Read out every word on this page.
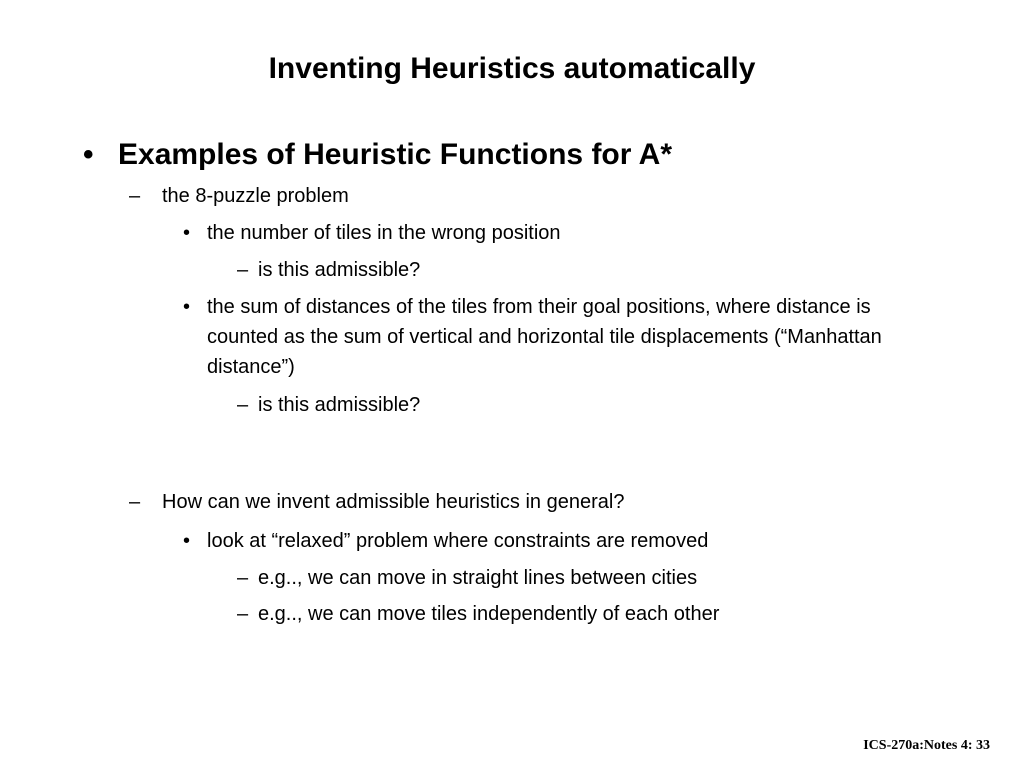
Inventing Heuristics automatically
• Examples of Heuristic Functions for A*
–	the 8-puzzle problem
• the number of tiles in the wrong position
– is this admissible?
• the sum of distances of the tiles from their goal positions, where distance is counted as the sum of vertical and horizontal tile displacements (“Manhattan distance”)
– is this admissible?
–	How can we invent admissible heuristics in general?
• look at “relaxed” problem where constraints are removed
– e.g.., we can move in straight lines between cities
– e.g.., we can move tiles independently of each other
ICS-270a:Notes 4: 33
